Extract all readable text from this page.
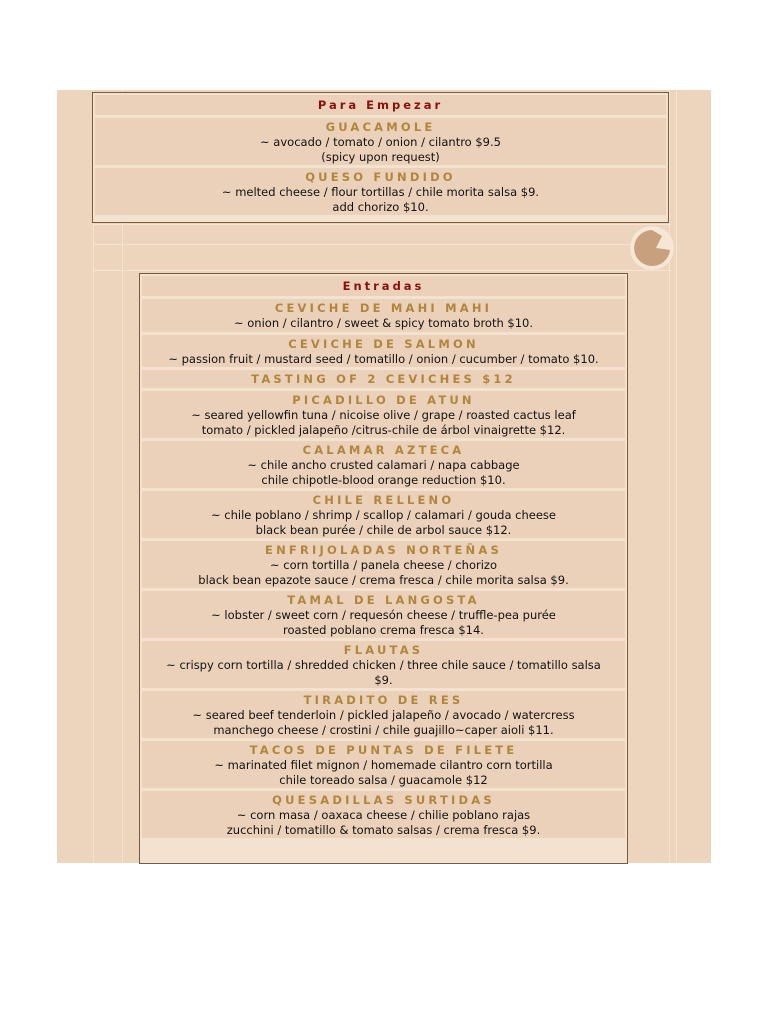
Para Empezar
GUACAMOLE
~ avocado / tomato / onion / cilantro $9.5
(spicy upon request)
QUESO FUNDIDO
~ melted cheese / flour tortillas / chile morita salsa $9.
add chorizo $10.
Entradas
CEVICHE DE MAHI MAHI
~ onion / cilantro / sweet & spicy tomato broth $10.
CEVICHE DE SALMON
~ passion fruit / mustard seed / tomatillo / onion / cucumber / tomato $10.
TASTING OF 2 CEVICHES $12
PICADILLO DE ATUN
~ seared yellowfin tuna / nicoise olive / grape / roasted cactus leaf
tomato / pickled jalapeño /citrus-chile de árbol vinaigrette $12.
CALAMAR AZTECA
~ chile ancho crusted calamari / napa cabbage
chile chipotle-blood orange reduction $10.
CHILE RELLENO
~ chile poblano / shrimp / scallop / calamari / gouda cheese
black bean purée / chile de arbol sauce $12.
ENFRIJOLADAS NORTEÑAS
~ corn tortilla / panela cheese / chorizo
black bean epazote sauce / crema fresca / chile morita salsa $9.
TAMAL DE LANGOSTA
~ lobster / sweet corn / requesón cheese / truffle-pea purée
roasted poblano crema fresca $14.
FLAUTAS
~ crispy corn tortilla / shredded chicken / three chile sauce / tomatillo salsa
$9.
TIRADITO DE RES
~ seared beef tenderloin / pickled jalapeño / avocado / watercress
manchego cheese / crostini / chile guajillo~caper aioli $11.
TACOS DE PUNTAS DE FILETE
~ marinated filet mignon / homemade cilantro corn tortilla
chile toreado salsa / guacamole $12
QUESADILLAS SURTIDAS
~ corn masa / oaxaca cheese / chilie poblano rajas
zucchini / tomatillo & tomato salsas / crema fresca $9.
